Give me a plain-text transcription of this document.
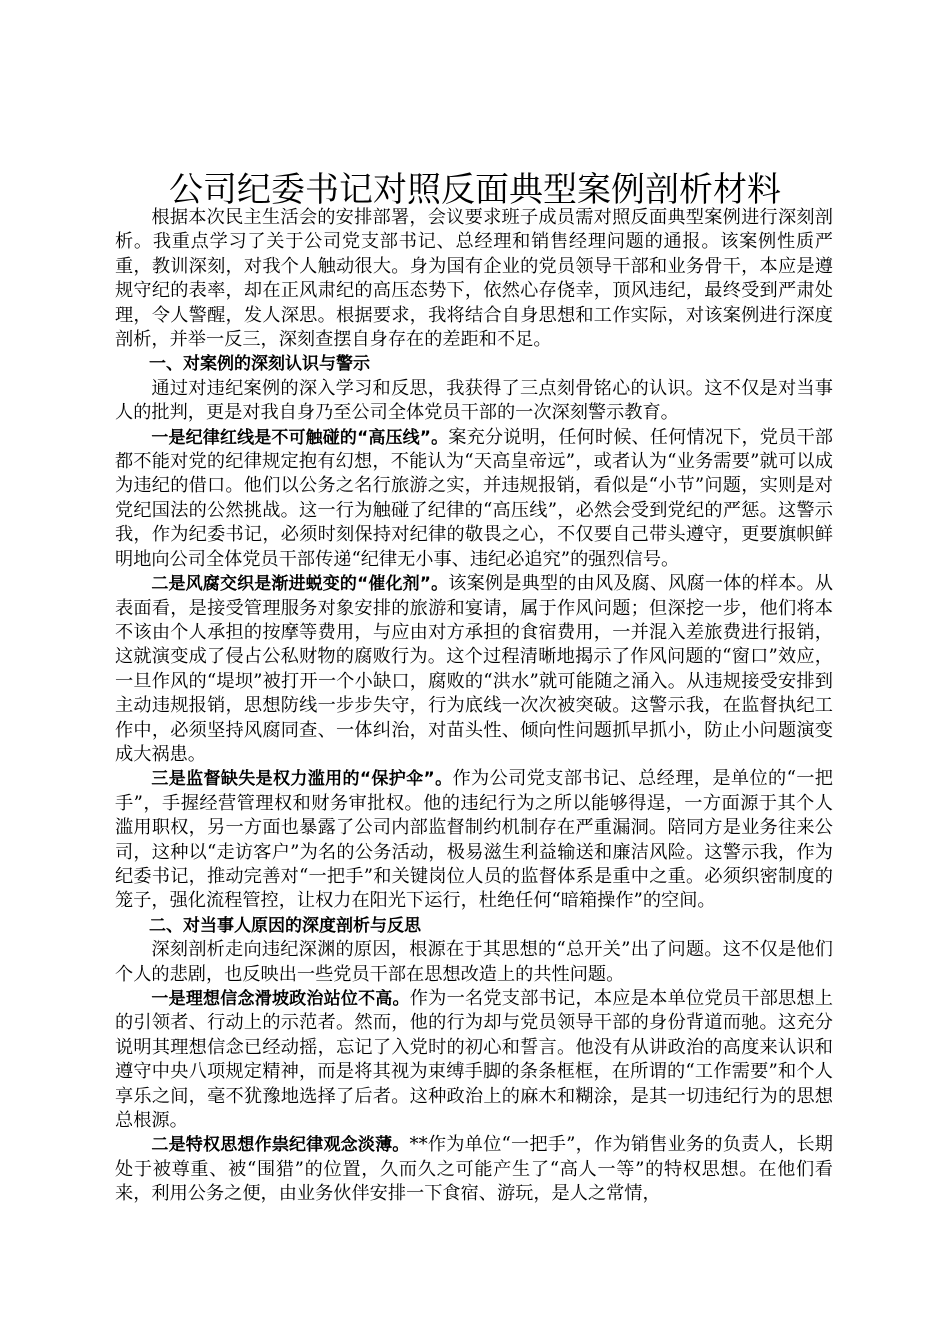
公司纪委书记对照反面典型案例剖析材料

根据本次民主生活会的安排部署，会议要求班子成员需对照反面典型案例进行深刻剖析。我重点学习了关于公司党支部书记、总经理和销售经理问题的通报。该案例性质严重，教训深刻，对我个人触动很大。身为国有企业的党员领导干部和业务骨干，本应是遵规守纪的表率，却在正风肃纪的高压态势下，依然心存侥幸，顶风违纪，最终受到严肃处理，令人警醒，发人深思。根据要求，我将结合自身思想和工作实际，对该案例进行深度剖析，并举一反三，深刻查摆自身存在的差距和不足。

一、对案例的深刻认识与警示

通过对违纪案例的深入学习和反思，我获得了三点刻骨铭心的认识。这不仅是对当事人的批判，更是对我自身乃至公司全体党员干部的一次深刻警示教育。

一是纪律红线是不可触碰的“高压线”。案充分说明，任何时候、任何情况下，党员干部都不能对党的纪律规定抱有幻想，不能认为“天高皇帝远”，或者认为“业务需要”就可以成为违纪的借口。他们以公务之名行旅游之实，并违规报销，看似是“小节”问题，实则是对党纪国法的公然挑战。这一行为触碰了纪律的“高压线”，必然会受到党纪的严惩。这警示我，作为纪委书记，必须时刻保持对纪律的敬畏之心，不仅要自己带头遵守，更要旗帜鲜明地向公司全体党员干部传递“纪律无小事、违纪必追究”的强烈信号。

二是风腐交织是渐进蜕变的“催化剂”。该案例是典型的由风及腐、风腐一体的样本。从表面看，是接受管理服务对象安排的旅游和宴请，属于作风问题；但深挖一步，他们将本不该由个人承担的按摩等费用，与应由对方承担的食宿费用，一并混入差旅费进行报销，这就演变成了侵占公私财物的腐败行为。这个过程清晰地揭示了作风问题的“窗口”效应，一旦作风的“堤坝”被打开一个小缺口，腐败的“洪水”就可能随之涌入。从违规接受安排到主动违规报销，思想防线一步步失守，行为底线一次次被突破。这警示我，在监督执纪工作中，必须坚持风腐同查、一体纠治，对苗头性、倾向性问题抓早抓小，防止小问题演变成大祸患。

三是监督缺失是权力滥用的“保护伞”。作为公司党支部书记、总经理，是单位的“一把手”，手握经营管理权和财务审批权。他的违纪行为之所以能够得逞，一方面源于其个人滥用职权，另一方面也暴露了公司内部监督制约机制存在严重漏洞。陪同方是业务往来公司，这种以“走访客户”为名的公务活动，极易滋生利益输送和廉洁风险。这警示我，作为纪委书记，推动完善对“一把手”和关键岗位人员的监督体系是重中之重。必须织密制度的笼子，强化流程管控，让权力在阳光下运行，杜绝任何“暗箱操作”的空间。

二、对当事人原因的深度剖析与反思

深刻剖析走向违纪深渊的原因，根源在于其思想的“总开关”出了问题。这不仅是他们个人的悲剧，也反映出一些党员干部在思想改造上的共性问题。

一是理想信念滑坡政治站位不高。作为一名党支部书记，本应是本单位党员干部思想上的引领者、行动上的示范者。然而，他的行为却与党员领导干部的身份背道而驰。这充分说明其理想信念已经动摇，忘记了入党时的初心和誓言。他没有从讲政治的高度来认识和遵守中央八项规定精神，而是将其视为束缚手脚的条条框框，在所谓的“工作需要”和个人享乐之间，毫不犹豫地选择了后者。这种政治上的麻木和糊涂，是其一切违纪行为的思想总根源。

二是特权思想作祟纪律观念淡薄。**作为单位“一把手”，作为销售业务的负责人，长期处于被尊重、被“围猎”的位置，久而久之可能产生了“高人一等”的特权思想。在他们看来，利用公务之便，由业务伙伴安排一下食宿、游玩，是人之常情，
